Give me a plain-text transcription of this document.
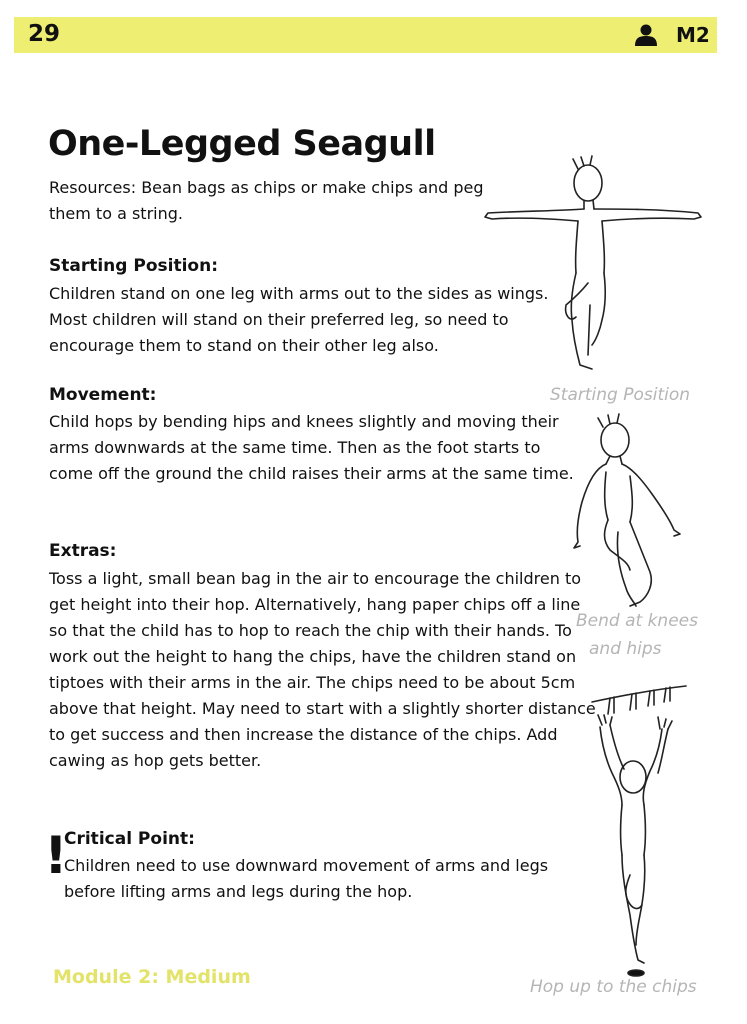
29	M2
One-Legged Seagull

Resources: Bean bags as chips or make chips and peg them to a string.

Starting Position:

Children stand on one leg with arms out to the sides as wings. Most children will stand on their preferred leg, so need to encourage them to stand on their other leg also.

Movement:

Child hops by bending hips and knees slightly and moving their arms downwards at the same time. Then as the foot starts to come off the ground the child raises their arms at the same time.

Extras:

Toss a light, small bean bag in the air to encourage the children to get height into their hop. Alternatively, hang paper chips off a line so that the child has to hop to reach the chip with their hands. To work out the height to hang the chips, have the children stand on tiptoes with their arms in the air. The chips need to be about 5cm above that height. May need to start with a slightly shorter distance to get success and then increase the distance of the chips. Add cawing as hop gets better.

!
Critical Point:

Children need to use downward movement of arms and legs before lifting arms and legs during the hop.

Starting Position
Bend at knees
and hips
Hop up to the chips
Module 2: Medium
